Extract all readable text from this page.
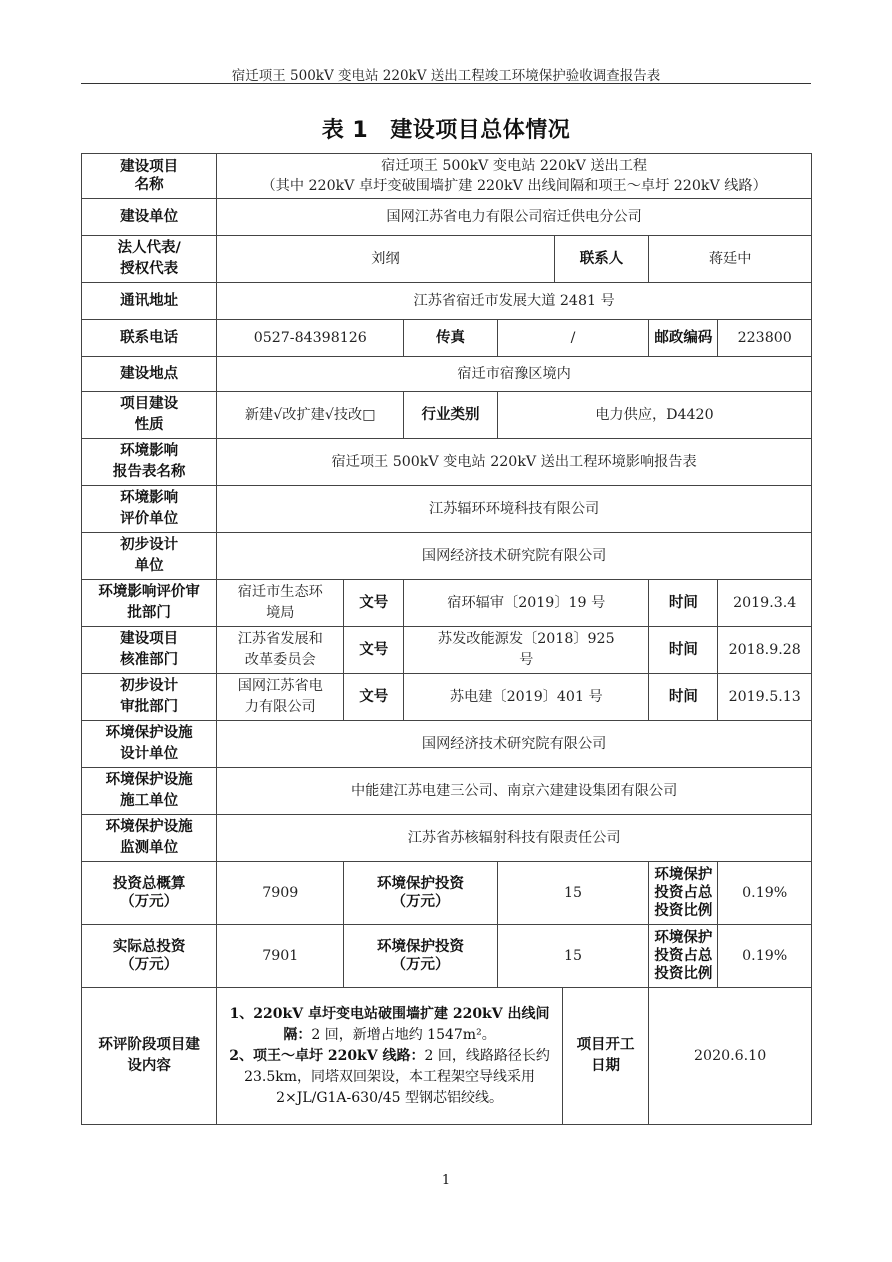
宿迁项王 500kV 变电站 220kV 送出工程竣工环境保护验收调查报告表
表 1 建设项目总体情况
建设项目
名称	宿迁项王 500kV 变电站 220kV 送出工程
（其中 220kV 卓圩变破围墙扩建 220kV 出线间隔和项王～卓圩 220kV 线路）							

建设单位	国网江苏省电力有限公司宿迁供电分公司							

法人代表/
授权代表	刘纲				联系人		蒋廷中	
通讯地址	江苏省宿迁市发展大道 2481 号							
联系电话	0527-84398126		传真	/			邮政编码	223800
建设地点	宿迁市宿豫区境内							

项目建设
性质	新建√改扩建√技改□		行业类别	电力供应，D4420				

环境影响
报告表名称	宿迁项王 500kV 变电站 220kV 送出工程环境影响报告表							

环境影响
评价单位	江苏辐环环境科技有限公司							

初步设计
单位	国网经济技术研究院有限公司							

环境影响评价审
批部门	宿迁市生态环
境局	文号	宿环辐审〔2019〕19 号				时间	2019.3.4

建设项目
核准部门	江苏省发展和
改革委员会	文号	苏发改能源发〔2018〕925
号				时间	2018.9.28

初步设计
审批部门	国网江苏省电
力有限公司	文号	苏电建〔2019〕401 号				时间	2019.5.13

环境保护设施
设计单位	国网经济技术研究院有限公司							

环境保护设施
施工单位	中能建江苏电建三公司、南京六建建设集团有限公司							

环境保护设施
监测单位	江苏省苏核辐射科技有限责任公司							

投资总概算
（万元）	7909	环境保护投资
（万元）		15			环境保护
投资占总
投资比例	0.19%

实际总投资
（万元）	7901	环境保护投资
（万元）		15			环境保护
投资占总
投资比例	0.19%

环评阶段项目建
设内容	1、220kV 卓圩变电站破围墙扩建 220kV 出线间隔：2 回，新增占地约 1547m²。
2、项王～卓圩 220kV 线路：2 回，线路路径长约 23.5km，同塔双回架设，本工程架空导线采用 2×JL/G1A-630/45 型钢芯铝绞线。					项目开工
日期	2020.6.10	
1
